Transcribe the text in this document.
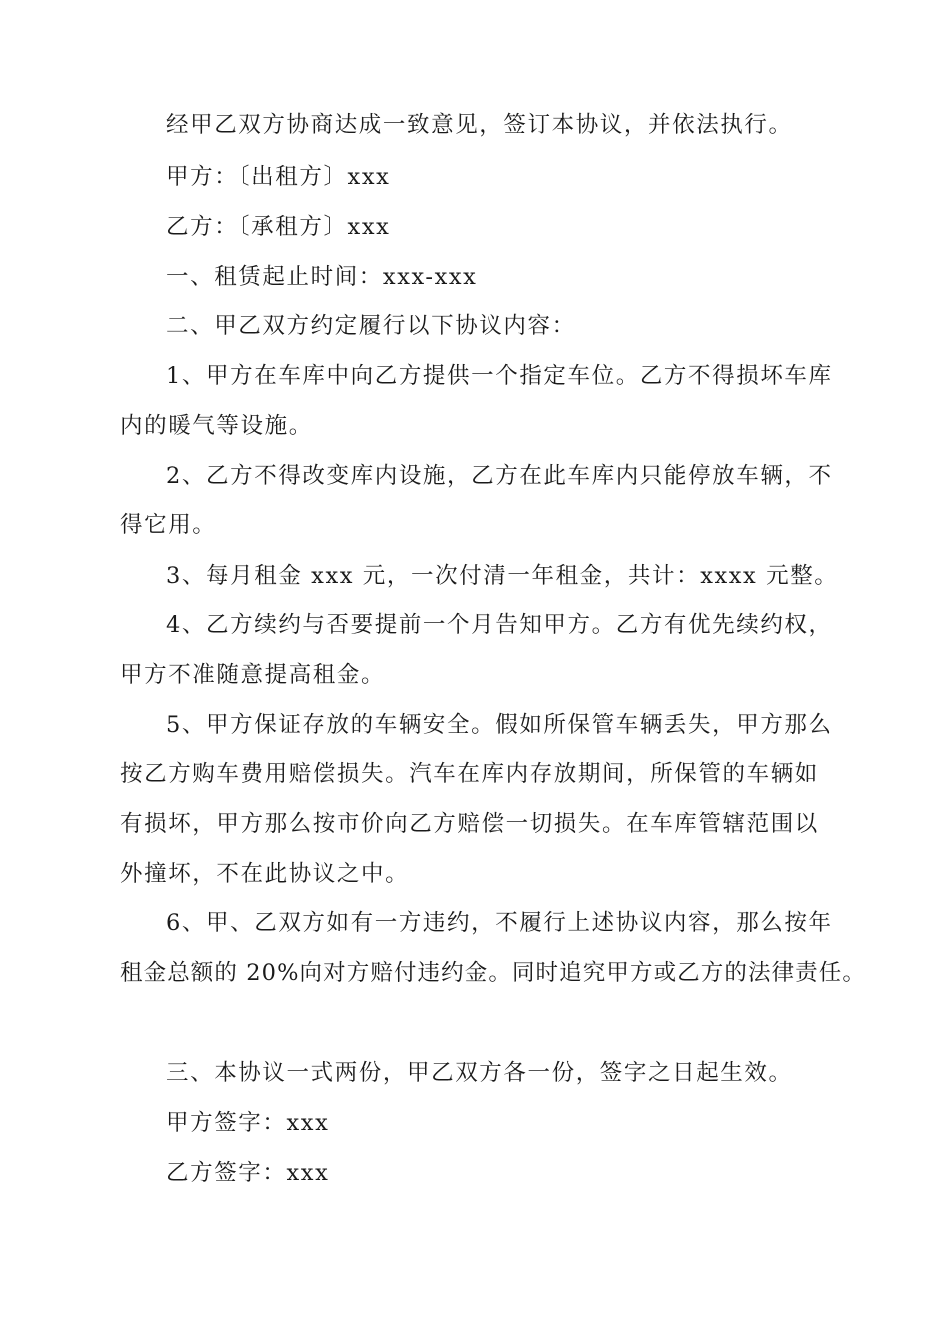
经甲乙双方协商达成一致意见，签订本协议，并依法执行。
甲方：〔出租方〕xxx
乙方：〔承租方〕xxx
一、租赁起止时间：xxx-xxx
二、甲乙双方约定履行以下协议内容：
1、甲方在车库中向乙方提供一个指定车位。乙方不得损坏车库
内的暖气等设施。
2、乙方不得改变库内设施，乙方在此车库内只能停放车辆，不
得它用。
3、每月租金 xxx 元，一次付清一年租金，共计：xxxx 元整。
4、乙方续约与否要提前一个月告知甲方。乙方有优先续约权，
甲方不准随意提高租金。
5、甲方保证存放的车辆安全。假如所保管车辆丢失，甲方那么
按乙方购车费用赔偿损失。汽车在库内存放期间，所保管的车辆如
有损坏，甲方那么按市价向乙方赔偿一切损失。在车库管辖范围以
外撞坏，不在此协议之中。
6、甲、乙双方如有一方违约，不履行上述协议内容，那么按年
租金总额的 20%向对方赔付违约金。同时追究甲方或乙方的法律责任。
三、本协议一式两份，甲乙双方各一份，签字之日起生效。
甲方签字：xxx
乙方签字：xxx
